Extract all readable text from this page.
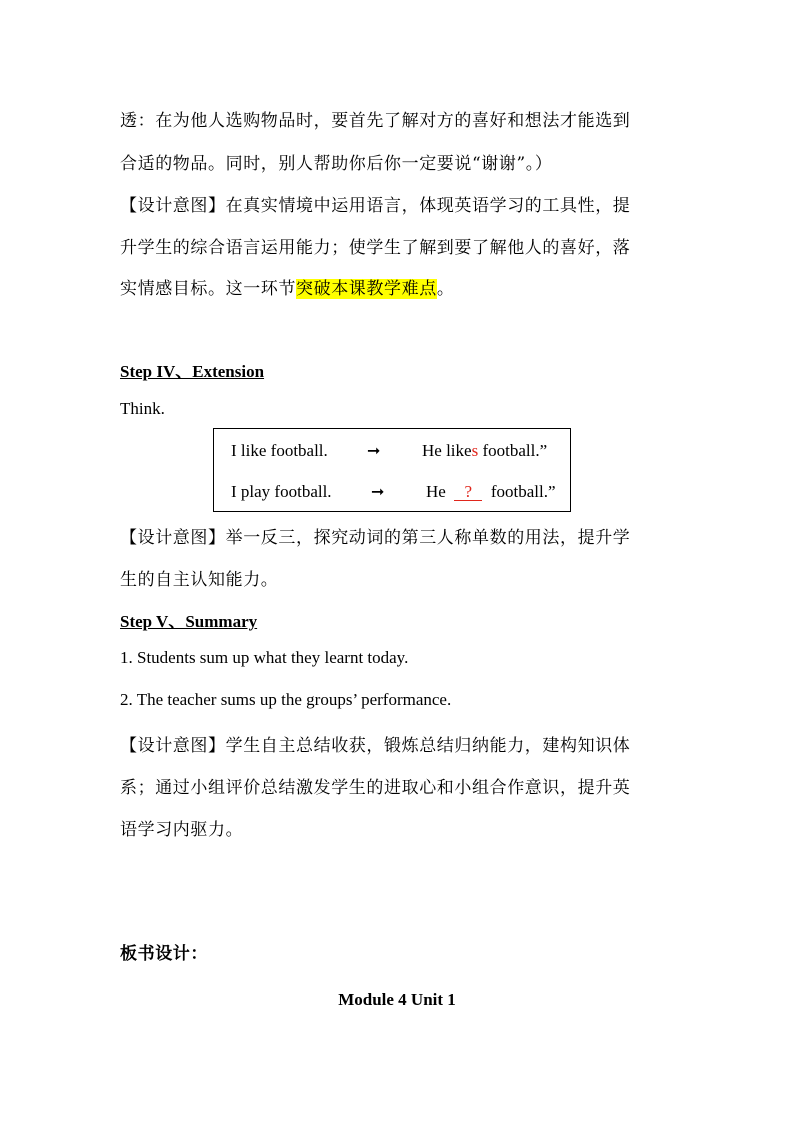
透：在为他人选购物品时，要首先了解对方的喜好和想法才能选到
合适的物品。同时，别人帮助你后你一定要说“谢谢”。）
【设计意图】在真实情境中运用语言，体现英语学习的工具性，提
升学生的综合语言运用能力；使学生了解到要了解他人的喜好，落
实情感目标。这一环节突破本课教学难点。
Step IV、Extension
Think.
I like football. ➞ He likes football.”
I play football. ➞ He  ?  football.”
【设计意图】举一反三，探究动词的第三人称单数的用法，提升学
生的自主认知能力。
Step V、Summary
1. Students sum up what they learnt today.
2. The teacher sums up the groups’ performance.
【设计意图】学生自主总结收获，锻炼总结归纳能力，建构知识体
系；通过小组评价总结激发学生的进取心和小组合作意识，提升英
语学习内驱力。
板书设计：
Module 4 Unit 1
